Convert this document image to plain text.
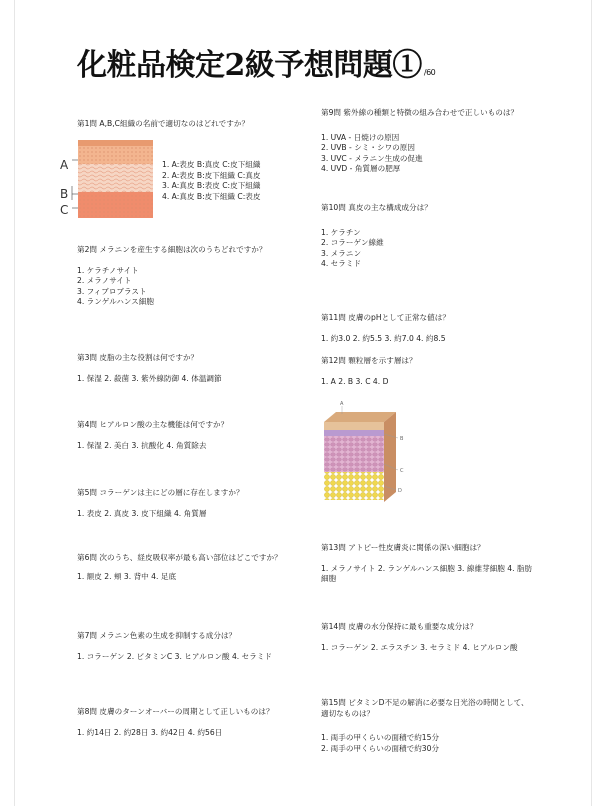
化粧品検定2級予想問題① /60
第1問 A,B,C組織の名前で適切なのはどれですか？
A
B
C
1. A:表皮 B:真皮 C:皮下組織
2. A:表皮 B:皮下組織 C:真皮
3. A:真皮 B:表皮 C:皮下組織
4. A:真皮 B:皮下組織 C:表皮
第2問 メラニンを産生する細胞は次のうちどれですか？
1. ケラチノサイト
2. メラノサイト
3. フィブロブラスト
4. ランゲルハンス細胞
第3問 皮脂の主な役割は何ですか？
1. 保湿 2. 殺菌 3. 紫外線防御 4. 体温調節
第4問 ヒアルロン酸の主な機能は何ですか？
1. 保湿 2. 美白 3. 抗酸化 4. 角質除去
第5問 コラーゲンは主にどの層に存在しますか？
1. 表皮 2. 真皮 3. 皮下組織 4. 角質層
第6問 次のうち、経皮吸収率が最も高い部位はどこですか？
1. 額皮 2. 頬 3. 背中 4. 足底
第7問 メラニン色素の生成を抑制する成分は？
1. コラーゲン 2. ビタミンC 3. ヒアルロン酸 4. セラミド
第8問 皮膚のターンオーバーの周期として正しいものは？
1. 約14日 2. 約28日 3. 約42日 4. 約56日
第9問 紫外線の種類と特徴の組み合わせで正しいものは？
1. UVA - 日焼けの原因
2. UVB - シミ・シワの原因
3. UVC - メラニン生成の促進
4. UVD - 角質層の肥厚
第10問 真皮の主な構成成分は？
1. ケラチン
2. コラーゲン線維
3. メラニン
4. セラミド
第11問 皮膚のpHとして正常な値は？
1. 約3.0 2. 約5.5 3. 約7.0 4. 約8.5
第12問 顆粒層を示す層は？
1. A 2. B 3. C 4. D
A
B
C
D
第13問 アトピー性皮膚炎に関係の深い細胞は？
1. メラノサイト 2. ランゲルハンス細胞 3. 線維芽細胞 4. 脂肪細胞
第14問 皮膚の水分保持に最も重要な成分は？
1. コラーゲン 2. エラスチン 3. セラミド 4. ヒアルロン酸
第15問 ビタミンD不足の解消に必要な日光浴の時間として、適切なものは？
1. 両手の甲くらいの面積で約15分
2. 両手の甲くらいの面積で約30分
